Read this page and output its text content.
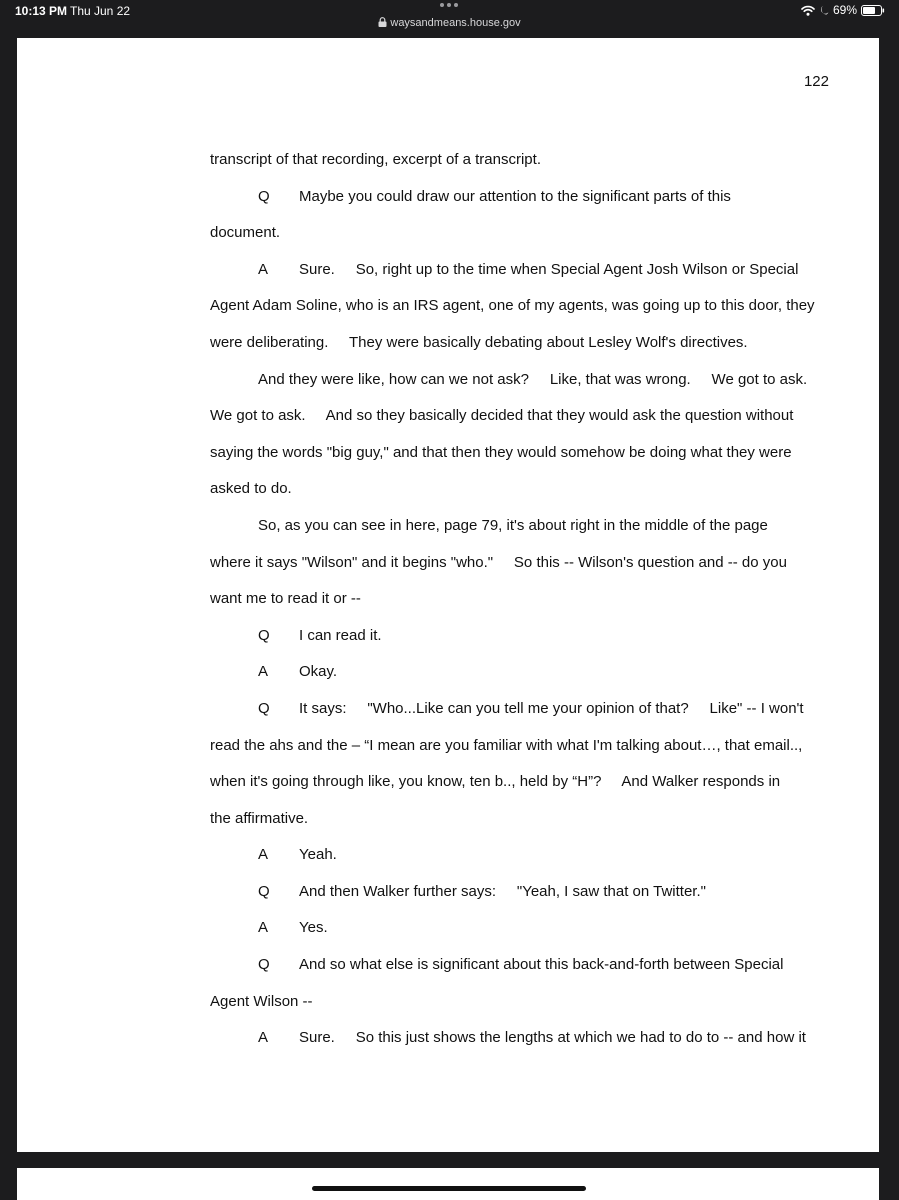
10:13 PM Thu Jun 22
waysandmeans.house.gov
69%
122
transcript of that recording, excerpt of a transcript.
Q Maybe you could draw our attention to the significant parts of this
document.
A Sure.     So, right up to the time when Special Agent Josh Wilson or Special
Agent Adam Soline, who is an IRS agent, one of my agents, was going up to this door, they
were deliberating.     They were basically debating about Lesley Wolf's directives.
And they were like, how can we not ask?     Like, that was wrong.     We got to ask.
We got to ask.     And so they basically decided that they would ask the question without
saying the words "big guy," and that then they would somehow be doing what they were
asked to do.
So, as you can see in here, page 79, it's about right in the middle of the page
where it says "Wilson" and it begins "who."     So this -- Wilson's question and -- do you
want me to read it or --
Q I can read it.
A Okay.
Q It says:     "Who...Like can you tell me your opinion of that?     Like" -- I won't
read the ahs and the – “I mean are you familiar with what I'm talking about…, that email..,
when it's going through like, you know, ten b.., held by “H”?     And Walker responds in
the affirmative.
A Yeah.
Q And then Walker further says:     "Yeah, I saw that on Twitter."
A Yes.
Q And so what else is significant about this back-and-forth between Special
Agent Wilson --
A Sure.     So this just shows the lengths at which we had to do to -- and how it
